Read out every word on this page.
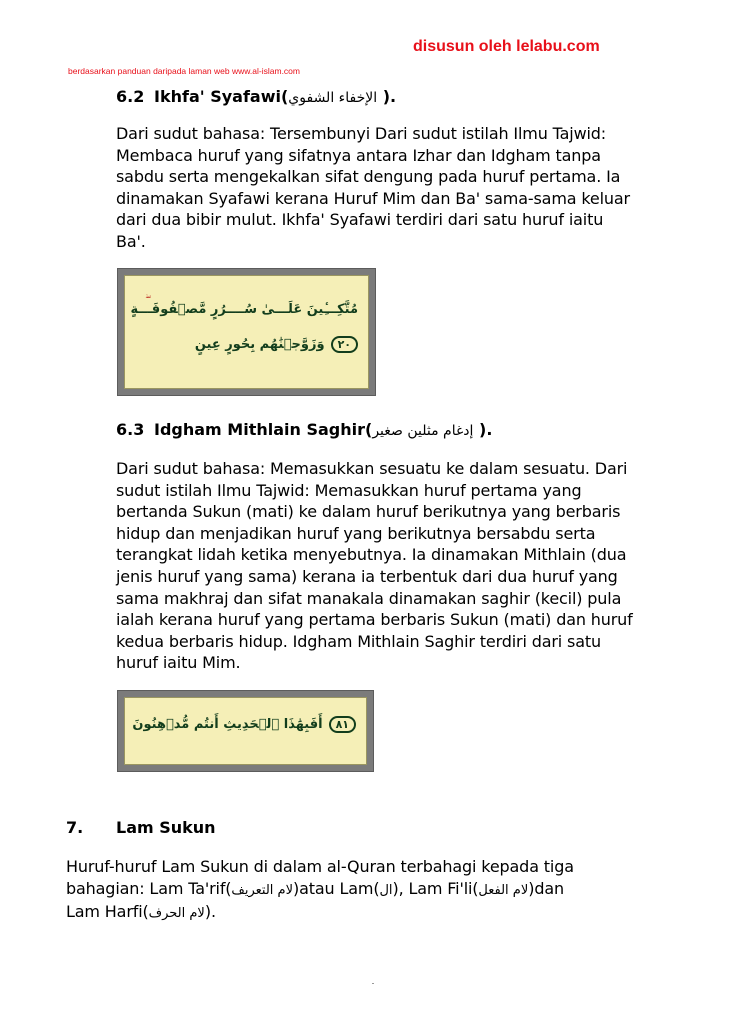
disusun oleh lelabu.com
berdasarkan panduan daripada laman web www.al-islam.com
6.2 Ikhfa' Syafawi(الإخفاء الشفوي ).
Dari sudut bahasa: Tersembunyi Dari sudut istilah Ilmu Tajwid:
Membaca huruf yang sifatnya antara Izhar dan Idgham tanpa
sabdu serta mengekalkan sifat dengung pada huruf pertama. Ia
dinamakan Syafawi kerana Huruf Mim dan Ba' sama-sama keluar
dari dua bibir mulut. Ikhfa' Syafawi terdiri dari satu huruf iaitu
Ba'.
مُتَّكِـــِٔينَ عَلَـــىٰ سُــــرُرٍ مَّصۡفُوفَـــةٍ
٢٠وَزَوَّجۡنَٰهُم بِحُورٍ عِينٍ
6.3 Idgham Mithlain Saghir(إدغام مثلين صغير ).
Dari sudut bahasa: Memasukkan sesuatu ke dalam sesuatu. Dari
sudut istilah Ilmu Tajwid: Memasukkan huruf pertama yang
bertanda Sukun (mati) ke dalam huruf berikutnya yang berbaris
hidup dan menjadikan huruf yang berikutnya bersabdu serta
terangkat lidah ketika menyebutnya. Ia dinamakan Mithlain (dua
jenis huruf yang sama) kerana ia terbentuk dari dua huruf yang
sama makhraj dan sifat manakala dinamakan saghir (kecil) pula
ialah kerana huruf yang pertama berbaris Sukun (mati) dan huruf
kedua berbaris hidup. Idgham Mithlain Saghir terdiri dari satu
huruf iaitu Mim.
٨١أَفَبِهَٰذَا ٱلۡحَدِيثِ أَنتُم مُّدۡهِنُونَ
7. Lam Sukun
Huruf-huruf Lam Sukun di dalam al-Quran terbahagi kepada tiga
bahagian: Lam Ta'rif(لام التعريف)atau Lam(ال), Lam Fi'li(لام الفعل)dan
Lam Harfi(لام الحرف).
